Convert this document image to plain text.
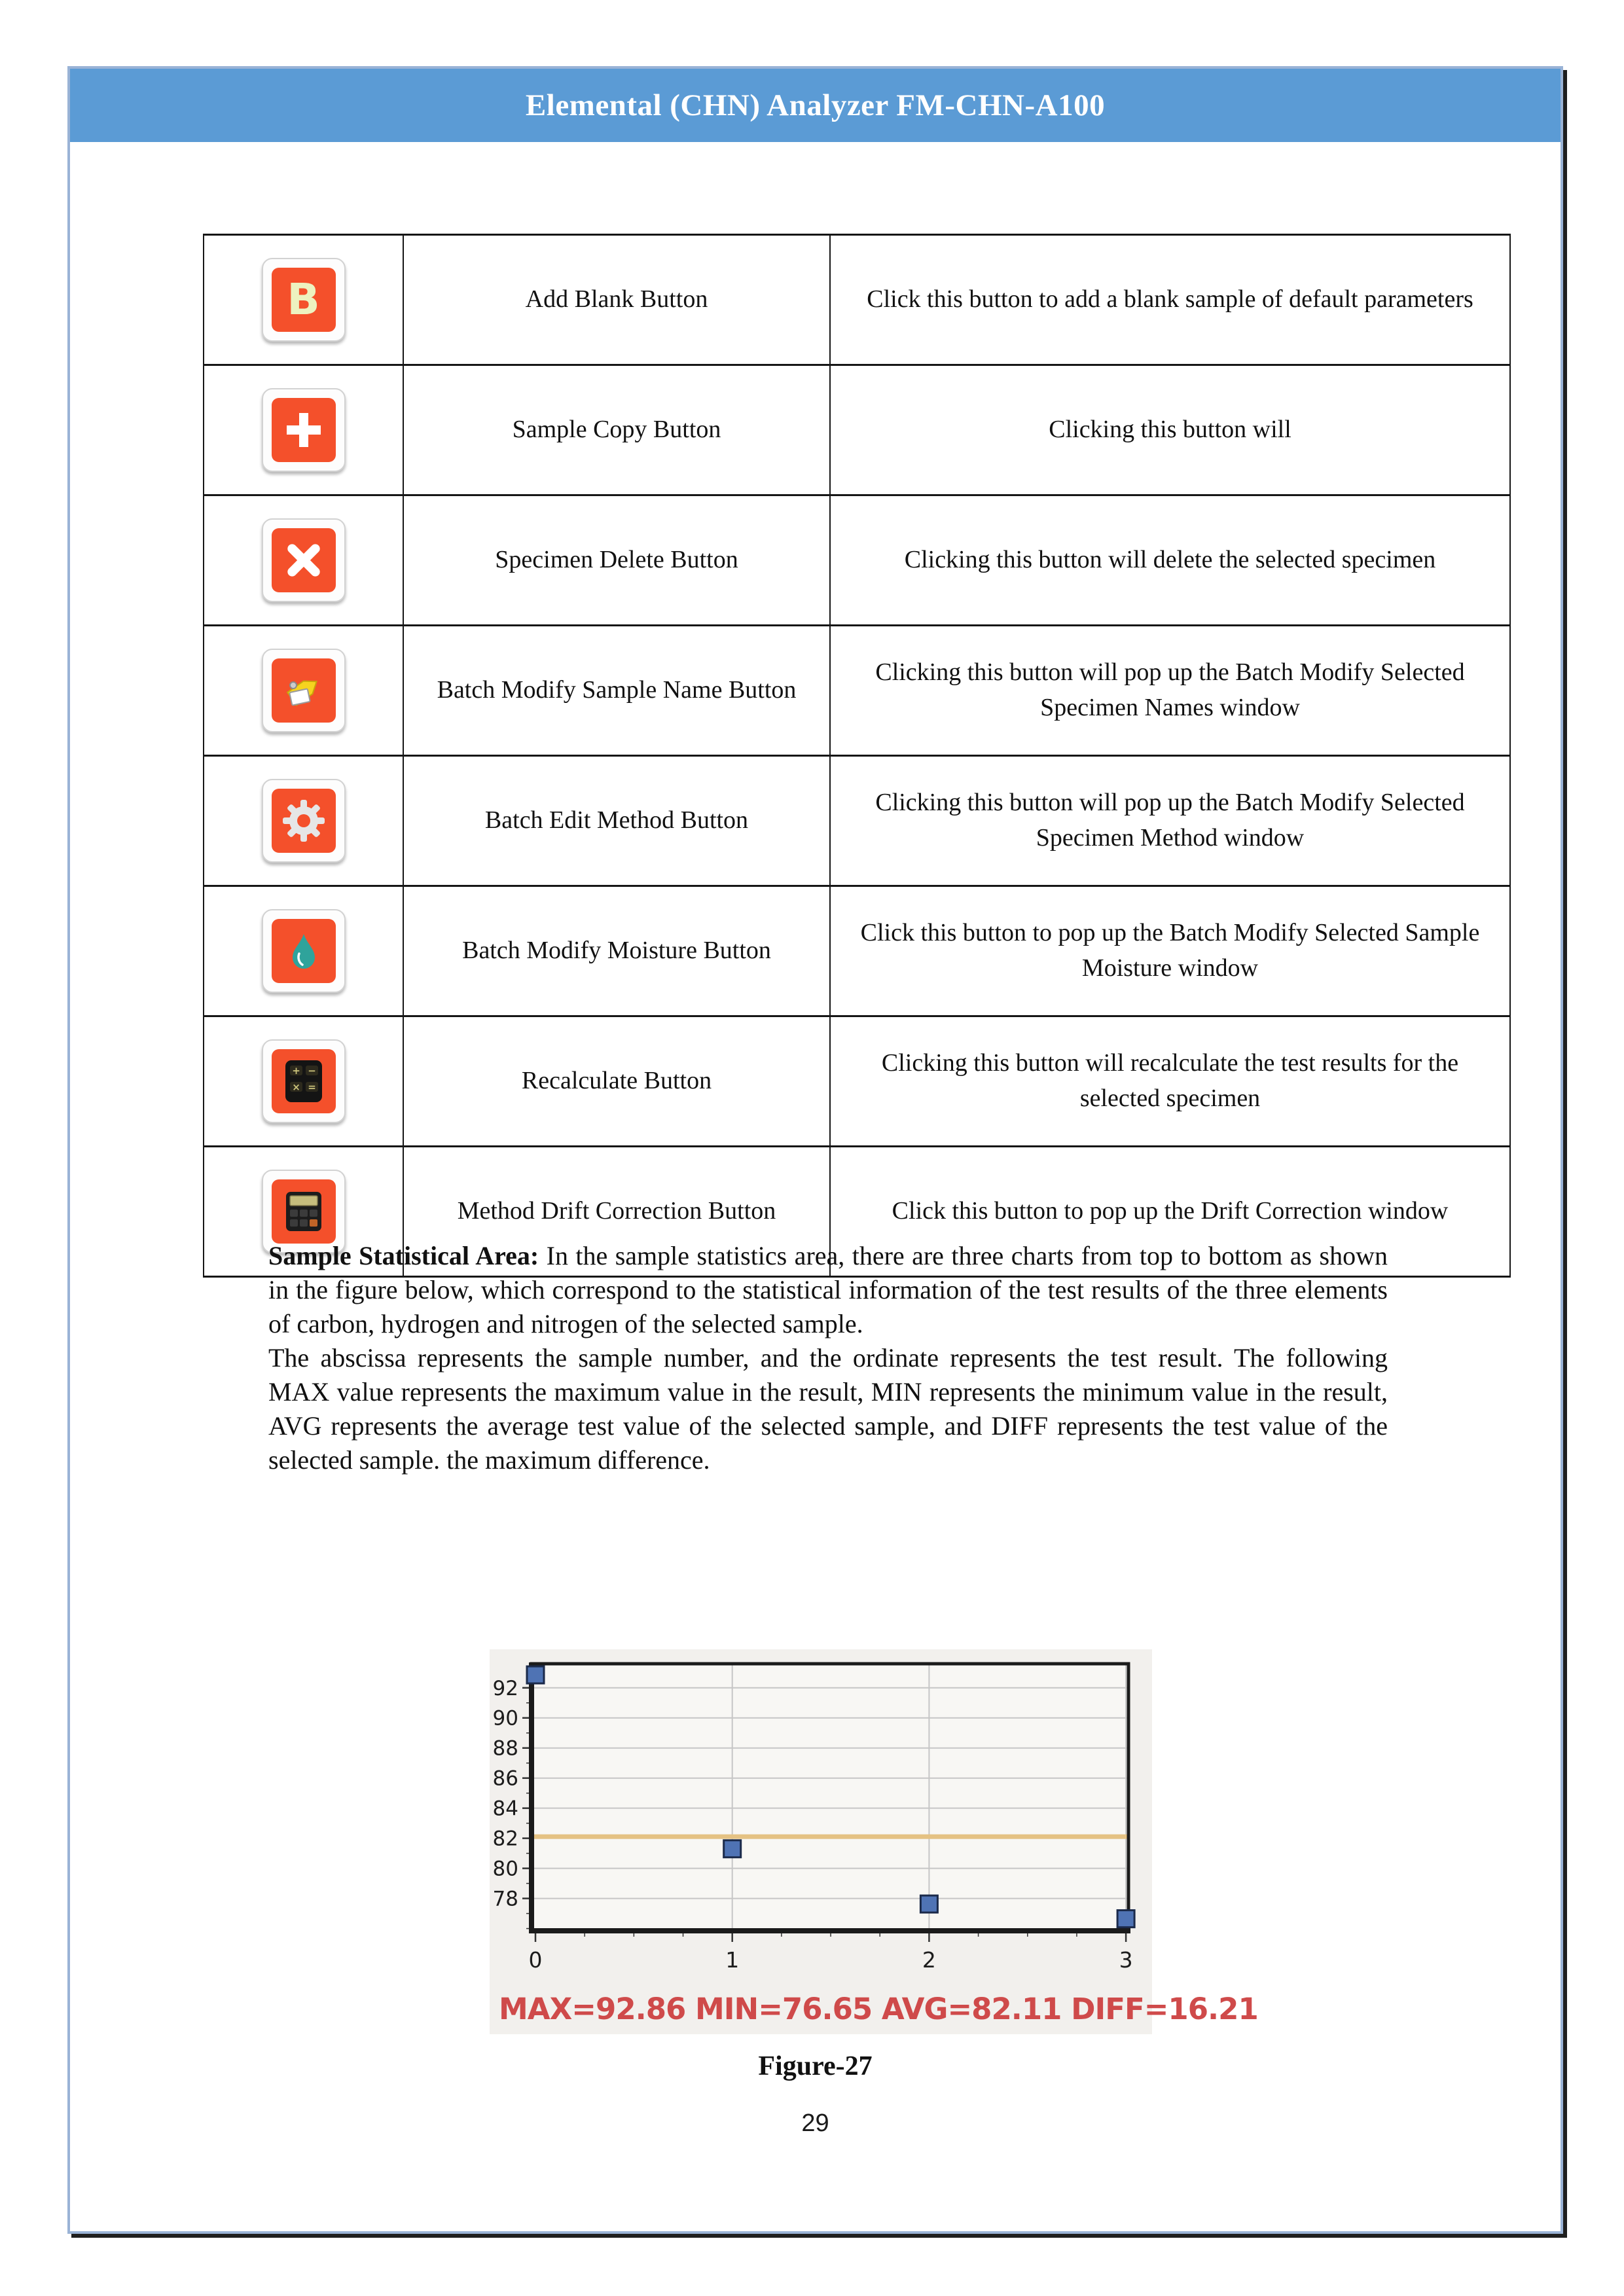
Elemental (CHN) Analyzer FM-CHN-A100
B	Add Blank Button	Click this button to add a blank sample of default parameters

	Sample Copy Button	Clicking this button will

	Specimen Delete Button	Clicking this button will delete the selected specimen

	Batch Modify Sample Name Button	Clicking this button will pop up the Batch Modify Selected Specimen Names window

	Batch Edit Method Button	Clicking this button will pop up the Batch Modify Selected Specimen Method window

	Batch Modify Moisture Button	Click this button to pop up the Batch Modify Selected Sample Moisture window

+ −
× =	Recalculate Button	Clicking this button will recalculate the test results for the selected specimen

	Method Drift Correction Button	Click this button to pop up the Drift Correction window

Sample Statistical Area: In the sample statistics area, there are three charts from top to bottom as shown in the figure below, which correspond to the statistical information of the test results of the three elements of carbon, hydrogen and nitrogen of the selected sample.

The abscissa represents the sample number, and the ordinate represents the test result. The following MAX value represents the maximum value in the result, MIN represents the minimum value in the result, AVG represents the average test value of the selected sample, and DIFF represents the test value of the selected sample. the maximum difference.

78
80
82
84
86
88
90
92
0	1	2	3
MAX=92.86 MIN=76.65 AVG=82.11 DIFF=16.21
Figure-27
29
